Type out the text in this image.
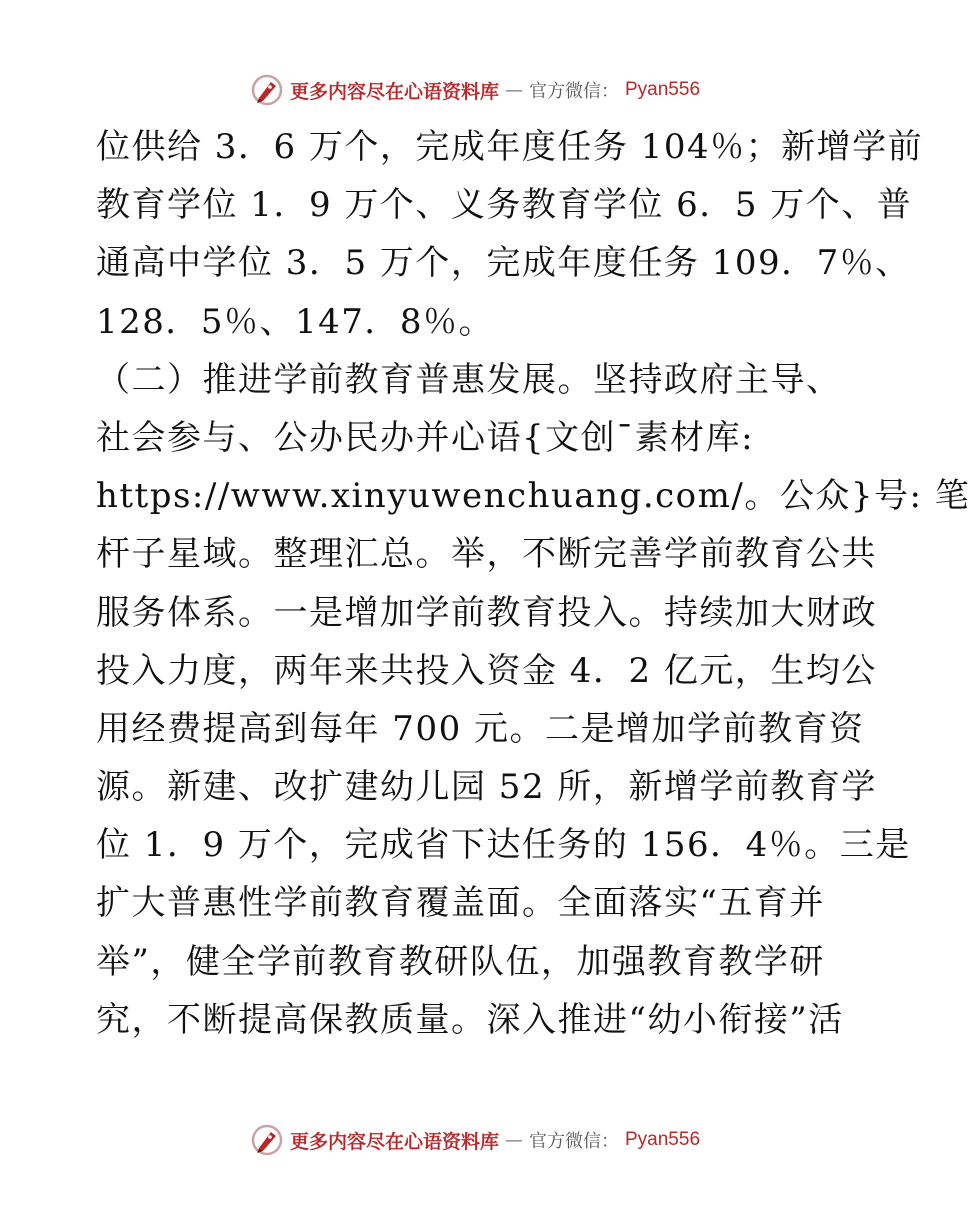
更多内容尽在心语资料库 — 官方微信： Pyan556
位供给 3．6 万个，完成年度任务 104％；新增学前
教育学位 1．9 万个、义务教育学位 6．5 万个、普
通高中学位 3．5 万个，完成年度任务 109．7％、
128．5％、147．8％。
（二）推进学前教育普惠发展。坚持政府主导、
社会参与、公办民办并心语{文创¯素材库:
https://www.xinyuwenchuang.com/。公众}号: 笔
杆子星域。整理汇总。举，不断完善学前教育公共
服务体系。一是增加学前教育投入。持续加大财政
投入力度，两年来共投入资金 4．2 亿元，生均公
用经费提高到每年 700 元。二是增加学前教育资
源。新建、改扩建幼儿园 52 所，新增学前教育学
位 1．9 万个，完成省下达任务的 156．4％。三是
扩大普惠性学前教育覆盖面。全面落实“五育并
举”，健全学前教育教研队伍，加强教育教学研
究，不断提高保教质量。深入推进“幼小衔接”活
更多内容尽在心语资料库 — 官方微信： Pyan556
